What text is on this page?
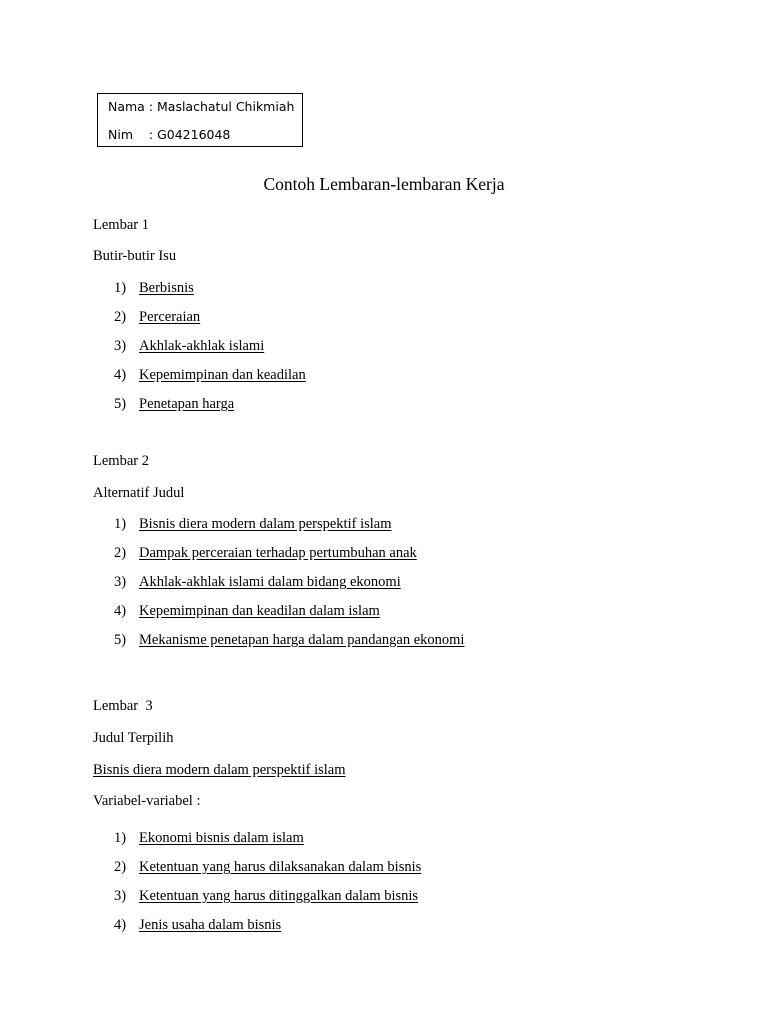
Nama : Maslachatul Chikmiah
Nim    : G04216048
Contoh Lembaran-lembaran Kerja
Lembar 1
Butir-butir Isu
1) Berbisnis
2) Perceraian
3) Akhlak-akhlak islami
4) Kepemimpinan dan keadilan
5) Penetapan harga
Lembar 2
Alternatif Judul
1) Bisnis diera modern dalam perspektif islam
2) Dampak perceraian terhadap pertumbuhan anak
3) Akhlak-akhlak islami dalam bidang ekonomi
4) Kepemimpinan dan keadilan dalam islam
5) Mekanisme penetapan harga dalam pandangan ekonomi
Lembar  3
Judul Terpilih
Bisnis diera modern dalam perspektif islam
Variabel-variabel :
1) Ekonomi bisnis dalam islam
2) Ketentuan yang harus dilaksanakan dalam bisnis
3) Ketentuan yang harus ditinggalkan dalam bisnis
4) Jenis usaha dalam bisnis
